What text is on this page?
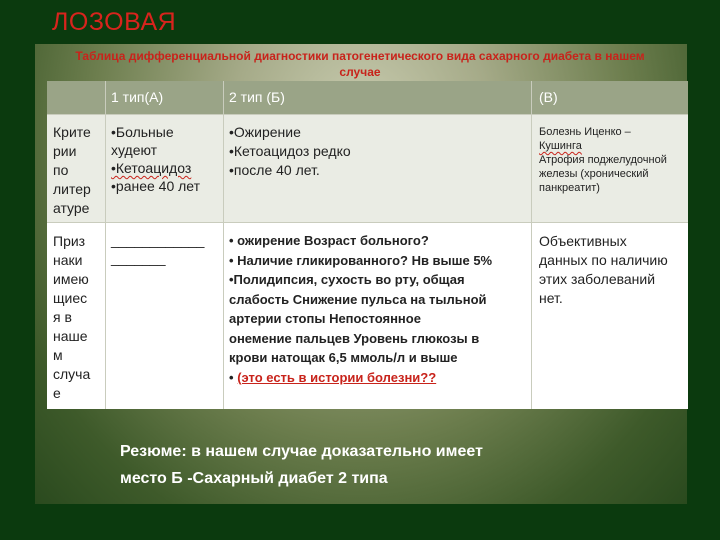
ЛОЗОВАЯ
Таблица дифференциальной диагностики патогенетического вида сахарного диабета в нашем
случае
1 тип(А)	2 тип (Б)	(В)
Крите
рии
по
литер
атуре
•Больные
худеют
•Кетоацидоз
•ранее 40 лет
•Ожирение
•Кетоацидоз редко
•после 40 лет.
Болезнь Иценко –
Кушинга
Атрофия поджелудочной
железы (хронический
панкреатит)
Приз
наки
имею
щиес
я в
наше
м
случа
е
____________
_______
• ожирение Возраст больного?
• Наличие гликированного? Нв выше 5%
•Полидипсия, сухость во рту, общая
слабость Снижение пульса на тыльной
артерии стопы Непостоянное
онемение пальцев Уровень глюкозы в
крови натощак 6,5 ммоль/л и выше
• (это есть в истории болезни??
Объективных
данных по наличию
этих заболеваний
нет.
Резюме: в нашем случае доказательно имеет
место Б -Сахарный диабет 2 типа
